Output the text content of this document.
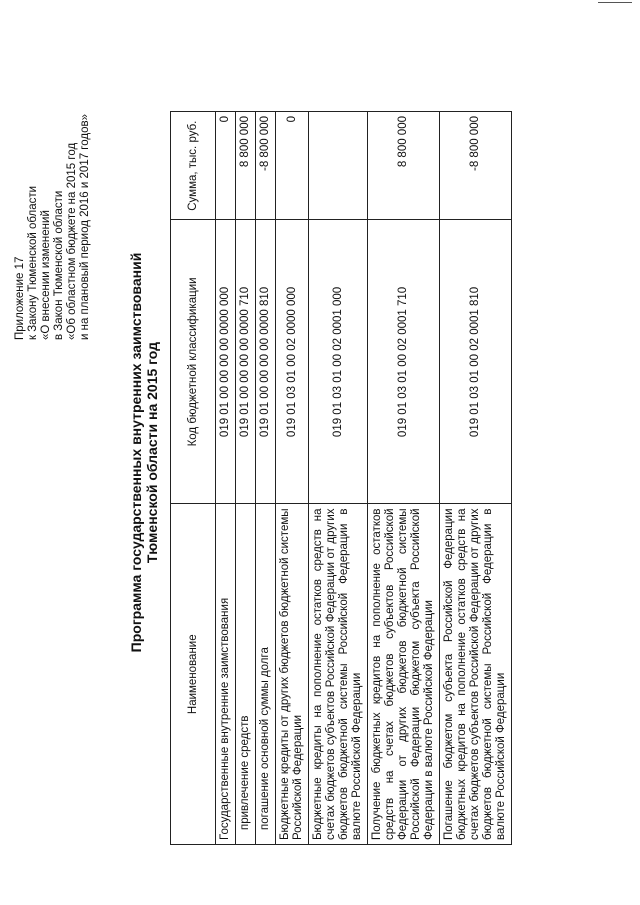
Приложение 17 к Закону Тюменской области «О внесении изменений в Закон Тюменской области «Об областном бюджете на 2015 год и на плановый период 2016 и 2017 годов»
Программа государственных внутренних заимствований Тюменской области на 2015 год
Наименование	Код бюджетной классификации	Сумма, тыс. руб.
Государственные внутренние заимствования	019 01 00 00 00 00 0000 000	0
привлечение средств	019 01 00 00 00 00 0000 710	8 800 000
погашение основной суммы долга	019 01 00 00 00 00 0000 810	-8 800 000
Бюджетные кредиты от других бюджетов бюджетной системы Российской Федерации	019 01 03 01 00 02 0000 000	0
Бюджетные кредиты на пополнение остатков средств на счетах бюджетов субъектов Российской Федерации от других бюджетов бюджетной системы Российской Федерации в валюте Российской Федерации	019 01 03 01 00 02 0001 000	
Получение бюджетных кредитов на пополнение остатков средств на счетах бюджетов субъектов Российской Федерации от других бюджетов бюджетной системы Российской Федерации бюджетом субъекта Российской Федерации в валюте Российской Федерации	019 01 03 01 00 02 0001 710	8 800 000
Погашение бюджетом субъекта Российской Федерации бюджетных кредитов на пополнение остатков средств на счетах бюджетов субъектов Российской Федерации от других бюджетов бюджетной системы Российской Федерации в валюте Российской Федерации	019 01 03 01 00 02 0001 810	-8 800 000
